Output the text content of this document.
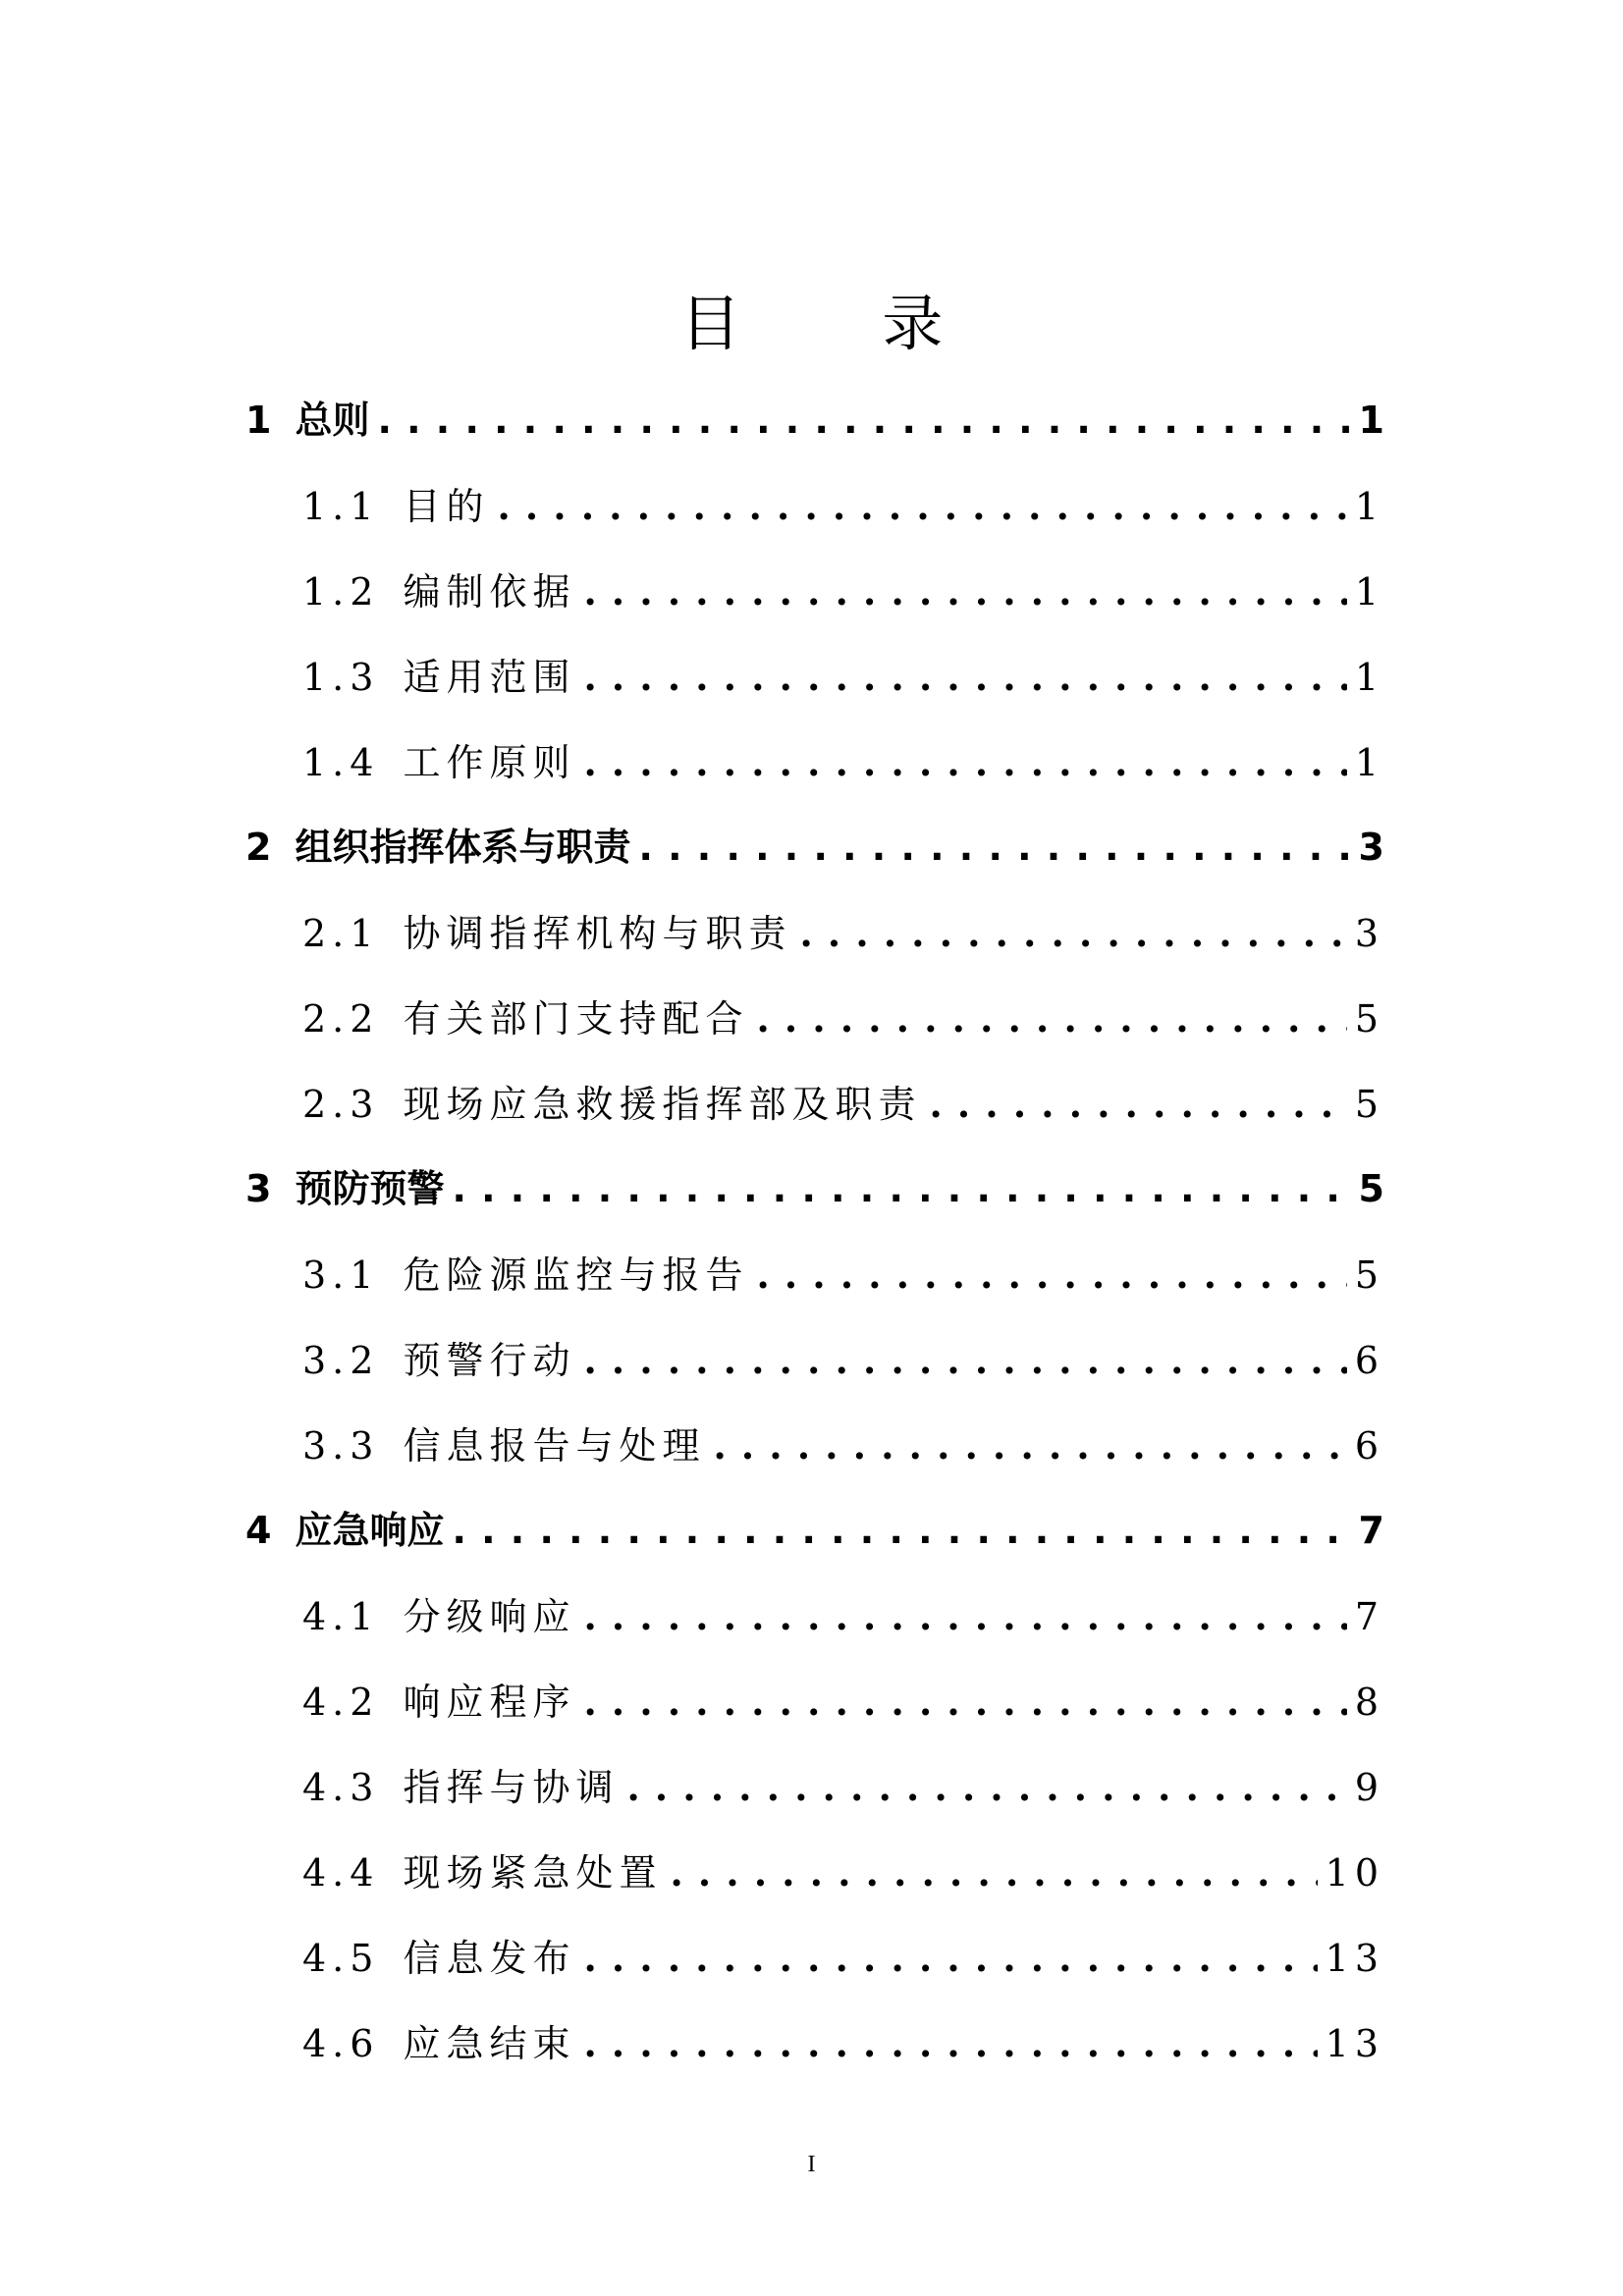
目 录
1 总则 . . .	1
1.1 目的 . . .	1
1.2 编制依据 . . .	1
1.3 适用范围 . . .	1
1.4 工作原则 . . .	1
2 组织指挥体系与职责 . . .	3
2.1 协调指挥机构与职责 . . .	3
2.2 有关部门支持配合 . . .	5
2.3 现场应急救援指挥部及职责 . . .	5
3 预防预警 . . .	5
3.1 危险源监控与报告 . . .	5
3.2 预警行动 . . .	6
3.3 信息报告与处理 . . .	6
4 应急响应 . . .	7
4.1 分级响应 . . .	7
4.2 响应程序 . . .	8
4.3 指挥与协调 . . .	9
4.4 现场紧急处置 . . .	10
4.5 信息发布 . . .	13
4.6 应急结束 . . .	13
I
